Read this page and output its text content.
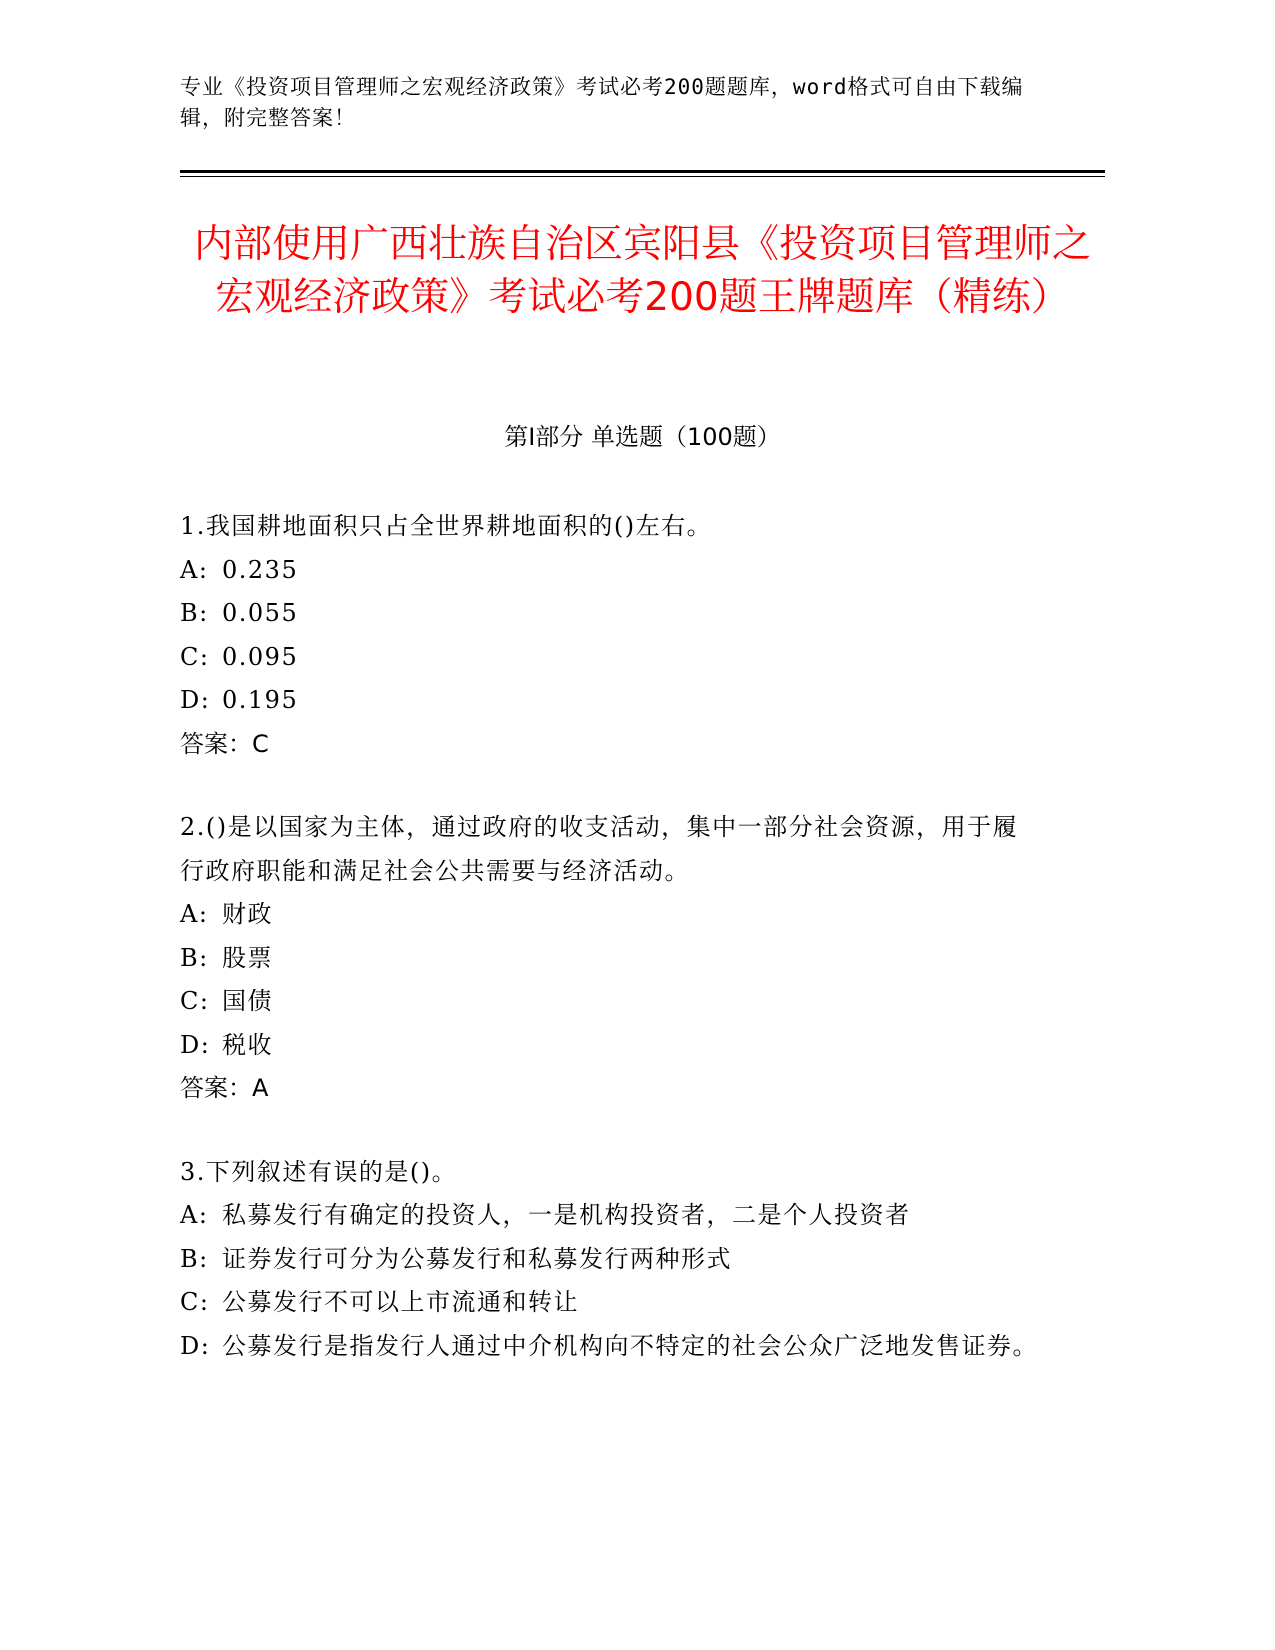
专业《投资项目管理师之宏观经济政策》考试必考200题题库，word格式可自由下载编辑，附完整答案！
内部使用广西壮族自治区宾阳县《投资项目管理师之宏观经济政策》考试必考200题王牌题库（精练）
第I部分 单选题（100题）

1.我国耕地面积只占全世界耕地面积的()左右。

A: 0.235

B: 0.055

C: 0.095

D: 0.195

答案：C

2.()是以国家为主体，通过政府的收支活动，集中一部分社会资源，用于履行政府职能和满足社会公共需要与经济活动。

A: 财政

B: 股票

C: 国债

D: 税收

答案：A

3.下列叙述有误的是()。

A: 私募发行有确定的投资人，一是机构投资者，二是个人投资者

B: 证券发行可分为公募发行和私募发行两种形式

C: 公募发行不可以上市流通和转让

D: 公募发行是指发行人通过中介机构向不特定的社会公众广泛地发售证券。
